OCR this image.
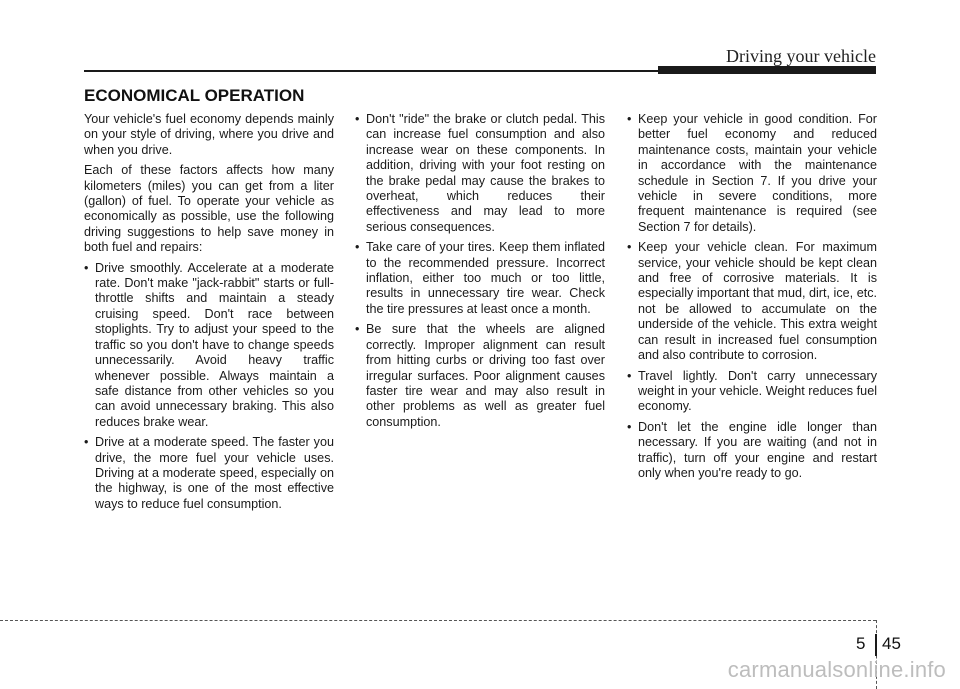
Driving your vehicle
ECONOMICAL OPERATION

Your vehicle's fuel economy depends mainly on your style of driving, where you drive and when you drive.

Each of these factors affects how many kilometers (miles) you can get from a liter (gallon) of fuel. To operate your vehicle as economically as possible, use the following driving suggestions to help save money in both fuel and repairs:

• Drive smoothly. Accelerate at a moderate rate. Don't make "jack-rabbit" starts or full-throttle shifts and maintain a steady cruising speed. Don't race between stoplights. Try to adjust your speed to the traffic so you don't have to change speeds unnecessarily. Avoid heavy traffic whenever possible. Always maintain a safe distance from other vehicles so you can avoid unnecessary braking. This also reduces brake wear.
• Drive at a moderate speed. The faster you drive, the more fuel your vehicle uses. Driving at a moderate speed, especially on the highway, is one of the most effective ways to reduce fuel consumption.
• Don't "ride" the brake or clutch pedal. This can increase fuel consumption and also increase wear on these components. In addition, driving with your foot resting on the brake pedal may cause the brakes to overheat, which reduces their effectiveness and may lead to more serious consequences.
• Take care of your tires. Keep them inflated to the recommended pressure. Incorrect inflation, either too much or too little, results in unnecessary tire wear. Check the tire pressures at least once a month.
• Be sure that the wheels are aligned correctly. Improper alignment can result from hitting curbs or driving too fast over irregular surfaces. Poor alignment causes faster tire wear and may also result in other problems as well as greater fuel consumption.
• Keep your vehicle in good condition. For better fuel economy and reduced maintenance costs, maintain your vehicle in accordance with the maintenance schedule in Section 7. If you drive your vehicle in severe conditions, more frequent maintenance is required (see Section 7 for details).
• Keep your vehicle clean. For maximum service, your vehicle should be kept clean and free of corrosive materials. It is especially important that mud, dirt, ice, etc. not be allowed to accumulate on the underside of the vehicle. This extra weight can result in increased fuel consumption and also contribute to corrosion.
• Travel lightly. Don't carry unnecessary weight in your vehicle. Weight reduces fuel economy.
• Don't let the engine idle longer than necessary. If you are waiting (and not in traffic), turn off your engine and restart only when you're ready to go.
5 45
carmanualsonline.info
